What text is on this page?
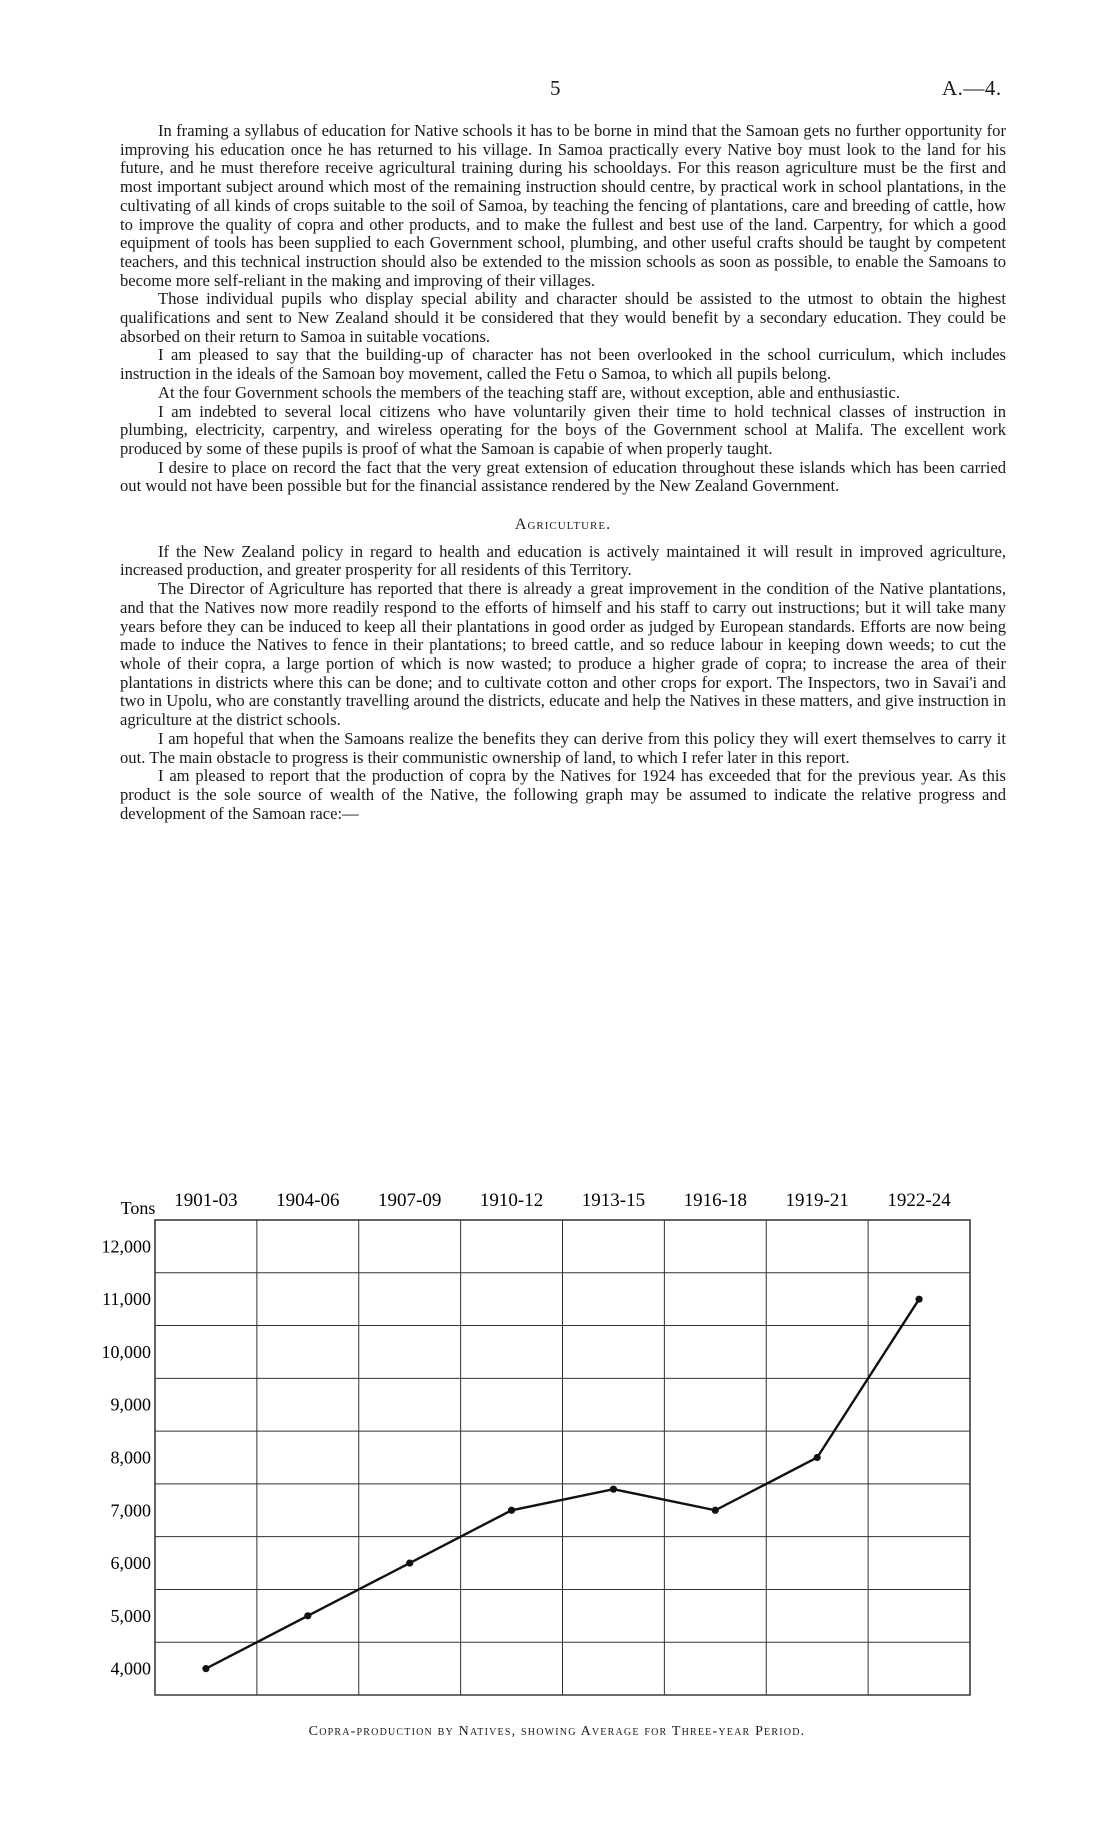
5	A.—4.

In framing a syllabus of education for Native schools it has to be borne in mind that the Samoan gets no further opportunity for improving his education once he has returned to his village. In Samoa practically every Native boy must look to the land for his future, and he must therefore receive agricultural training during his schooldays. For this reason agriculture must be the first and most important subject around which most of the remaining instruction should centre, by practical work in school plantations, in the cultivating of all kinds of crops suitable to the soil of Samoa, by teaching the fencing of plantations, care and breeding of cattle, how to improve the quality of copra and other products, and to make the fullest and best use of the land. Carpentry, for which a good equipment of tools has been supplied to each Government school, plumbing, and other useful crafts should be taught by competent teachers, and this technical instruction should also be extended to the mission schools as soon as possible, to enable the Samoans to become more self-reliant in the making and improving of their villages.

Those individual pupils who display special ability and character should be assisted to the utmost to obtain the highest qualifications and sent to New Zealand should it be considered that they would benefit by a secondary education. They could be absorbed on their return to Samoa in suitable vocations.

I am pleased to say that the building-up of character has not been overlooked in the school curriculum, which includes instruction in the ideals of the Samoan boy movement, called the Fetu o Samoa, to which all pupils belong.

At the four Government schools the members of the teaching staff are, without exception, able and enthusiastic.

I am indebted to several local citizens who have voluntarily given their time to hold technical classes of instruction in plumbing, electricity, carpentry, and wireless operating for the boys of the Government school at Malifa. The excellent work produced by some of these pupils is proof of what the Samoan is capabie of when properly taught.

I desire to place on record the fact that the very great extension of education throughout these islands which has been carried out would not have been possible but for the financial assistance rendered by the New Zealand Government.

Agriculture.

If the New Zealand policy in regard to health and education is actively maintained it will result in improved agriculture, increased production, and greater prosperity for all residents of this Territory.

The Director of Agriculture has reported that there is already a great improvement in the condition of the Native plantations, and that the Natives now more readily respond to the efforts of himself and his staff to carry out instructions; but it will take many years before they can be induced to keep all their plantations in good order as judged by European standards. Efforts are now being made to induce the Natives to fence in their plantations; to breed cattle, and so reduce labour in keeping down weeds; to cut the whole of their copra, a large portion of which is now wasted; to produce a higher grade of copra; to increase the area of their plantations in districts where this can be done; and to cultivate cotton and other crops for export. The Inspectors, two in Savai'i and two in Upolu, who are constantly travelling around the districts, educate and help the Natives in these matters, and give instruction in agriculture at the district schools.

I am hopeful that when the Samoans realize the benefits they can derive from this policy they will exert themselves to carry it out. The main obstacle to progress is their communistic ownership of land, to which I refer later in this report.

I am pleased to report that the production of copra by the Natives for 1924 has exceeded that for the previous year. As this product is the sole source of wealth of the Native, the following graph may be assumed to indicate the relative progress and development of the Samoan race:—

Tons 1901-03 1904-06 1907-09 1910-12 1913-15 1916-18 1919-21 1922-24
12,000
11,000
10,000
9,000
8,000
7,000
6,000
5,000
4,000
Copra-production by Natives, showing Average for Three-year Period.
